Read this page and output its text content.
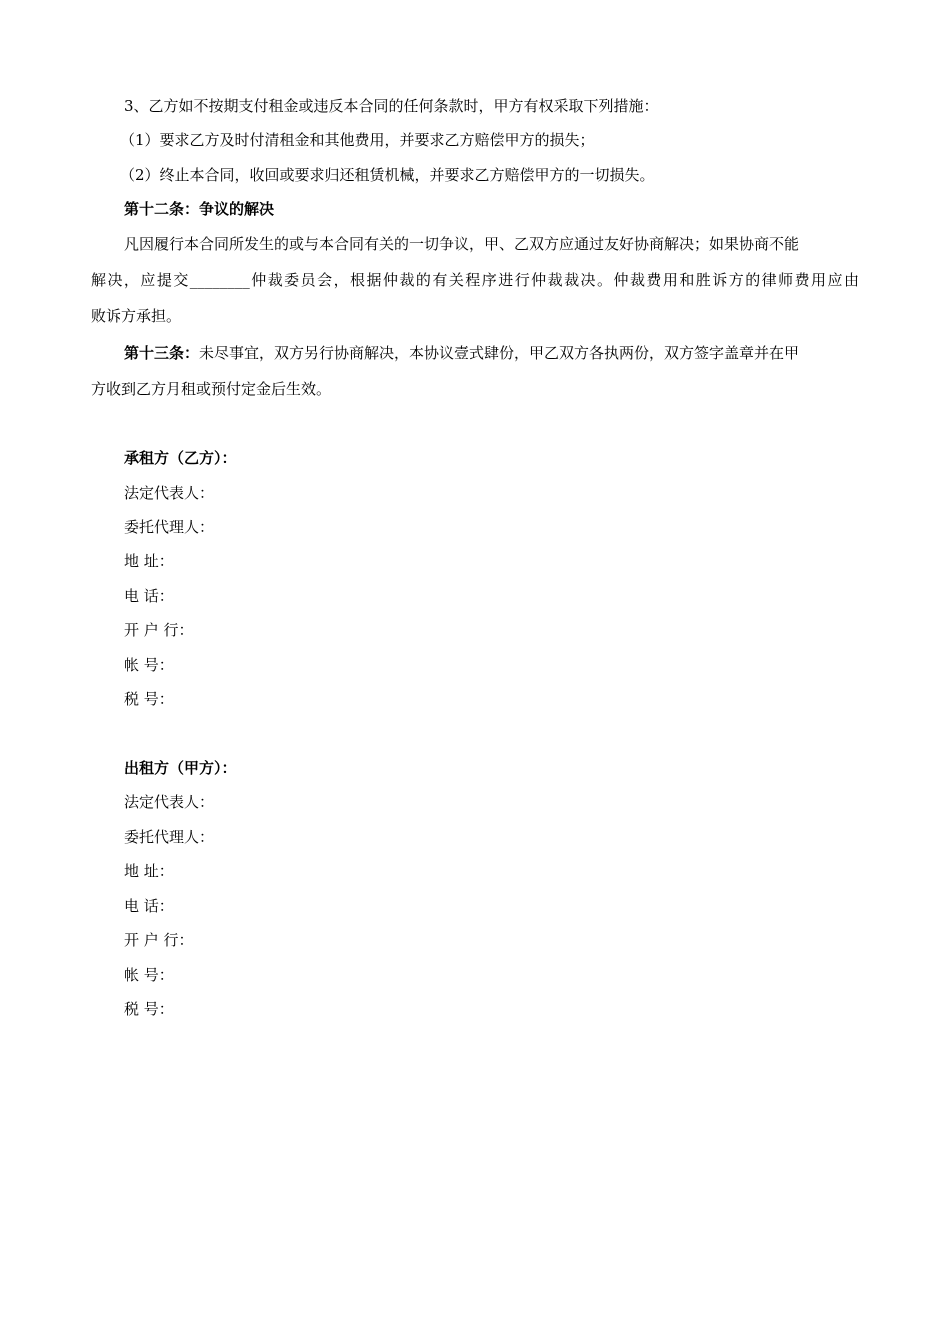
3、乙方如不按期支付租金或违反本合同的任何条款时，甲方有权采取下列措施：
（1）要求乙方及时付清租金和其他费用，并要求乙方赔偿甲方的损失；
（2）终止本合同，收回或要求归还租赁机械，并要求乙方赔偿甲方的一切损失。
第十二条：争议的解决
凡因履行本合同所发生的或与本合同有关的一切争议，甲、乙双方应通过友好协商解决；如果协商不能
解决，应提交________仲裁委员会，根据仲裁的有关程序进行仲裁裁决。仲裁费用和胜诉方的律师费用应由
败诉方承担。
第十三条：未尽事宜，双方另行协商解决，本协议壹式肆份，甲乙双方各执两份，双方签字盖章并在甲
方收到乙方月租或预付定金后生效。
承租方（乙方）：
法定代表人：
委托代理人：
地 址：
电 话：
开 户 行：
帐 号：
税 号：
出租方（甲方）：
法定代表人：
委托代理人：
地 址：
电 话：
开 户 行：
帐 号：
税 号：
